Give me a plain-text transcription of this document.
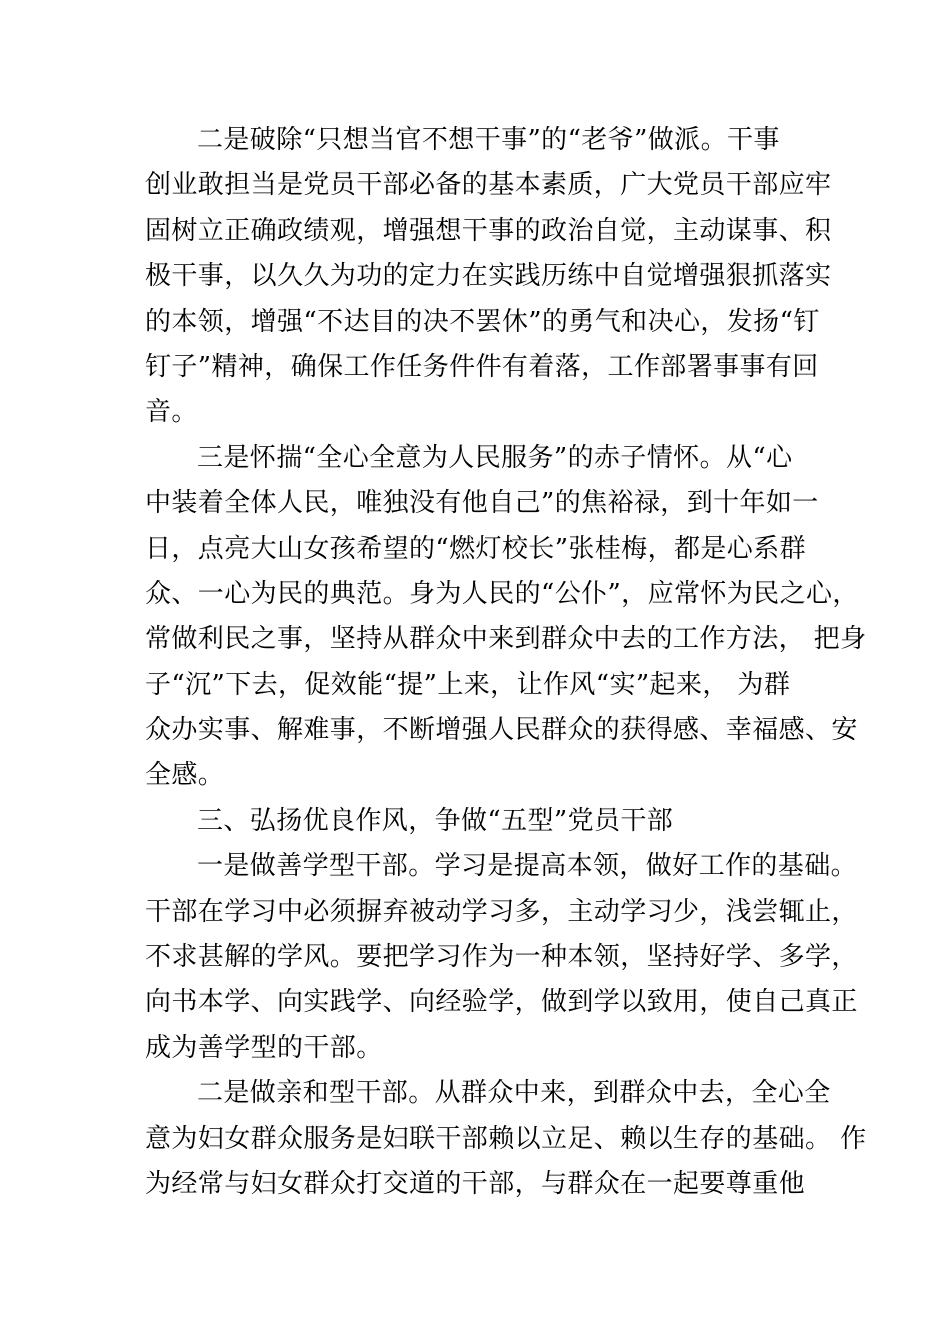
二是破除“只想当官不想干事”的“老爷”做派。干事
创业敢担当是党员干部必备的基本素质，广大党员干部应牢
固树立正确政绩观，增强想干事的政治自觉，主动谋事、积
极干事，以久久为功的定力在实践历练中自觉增强狠抓落实
的本领，增强“不达目的决不罢休”的勇气和决心，发扬“钉
钉子”精神，确保工作任务件件有着落，工作部署事事有回
音。
三是怀揣“全心全意为人民服务”的赤子情怀。从“心
中装着全体人民，唯独没有他自己”的焦裕禄，到十年如一
日，点亮大山女孩希望的“燃灯校长”张桂梅，都是心系群
众、一心为民的典范。身为人民的“公仆”，应常怀为民之心，
常做利民之事，坚持从群众中来到群众中去的工作方法， 把身
子“沉”下去，促效能“提”上来，让作风“实”起来， 为群
众办实事、解难事，不断增强人民群众的获得感、幸福感、安
全感。
三、弘扬优良作风，争做“五型”党员干部
一是做善学型干部。学习是提高本领，做好工作的基础。
干部在学习中必须摒弃被动学习多，主动学习少，浅尝辄止，
不求甚解的学风。要把学习作为一种本领，坚持好学、多学，
向书本学、向实践学、向经验学，做到学以致用，使自己真正
成为善学型的干部。
二是做亲和型干部。从群众中来，到群众中去，全心全
意为妇女群众服务是妇联干部赖以立足、赖以生存的基础。 作
为经常与妇女群众打交道的干部，与群众在一起要尊重他
